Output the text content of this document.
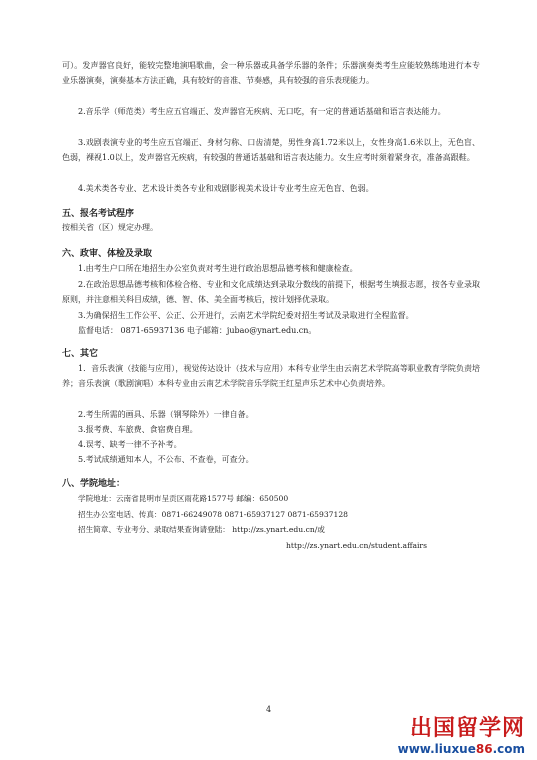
可）。发声器官良好，能较完整地演唱歌曲，会一种乐器或具备学乐器的条件；乐器演奏类考生应能较熟练地进行本专业乐器演奏，演奏基本方法正确，具有较好的音准、节奏感，具有较强的音乐表现能力。

2.音乐学（师范类）考生应五官端正、发声器官无疾病、无口吃，有一定的普通话基础和语言表达能力。

3.戏剧表演专业的考生应五官端正、身材匀称、口齿清楚，男性身高1.72米以上，女性身高1.6米以上，无色盲、色弱，裸视1.0以上，发声器官无疾病，有较强的普通话基础和语言表达能力。女生应考时须着紧身衣，准备高跟鞋。

4.美术类各专业、艺术设计类各专业和戏剧影视美术设计专业考生应无色盲、色弱。

五、报名考试程序

按相关省（区）规定办理。

六、政审、体检及录取

1.由考生户口所在地招生办公室负责对考生进行政治思想品德考核和健康检查。

2.在政治思想品德考核和体检合格、专业和文化成绩达到录取分数线的前提下，根据考生填报志愿，按各专业录取原则，并注意相关科目成绩，德、智、体、美全面考核后，按计划择优录取。

3.为确保招生工作公平、公正、公开进行，云南艺术学院纪委对招生考试及录取进行全程监督。

监督电话： 0871-65937136 电子邮箱：jubao@ynart.edu.cn。

七、其它

1．音乐表演（技能与应用），视觉传达设计（技术与应用）本科专业学生由云南艺术学院高等职业教育学院负责培养；音乐表演（歌剧演唱）本科专业由云南艺术学院音乐学院王红星声乐艺术中心负责培养。

2.考生所需的画具、乐器（钢琴除外）一律自备。

3.报考费、车旅费、食宿费自理。

4.误考、缺考一律不予补考。

5.考试成绩通知本人，不公布、不查卷，可查分。

八、学院地址：

学院地址：云南省昆明市呈贡区雨花路1577号 邮编：650500

招生办公室电话、传真：0871-66249078 0871-65937127 0871-65937128

招生简章、专业考分、录取结果查询请登陆： http://zs.ynart.edu.cn/或

http://zs.ynart.edu.cn/student.affairs

4
出国留学网
www.liuxue86.com
